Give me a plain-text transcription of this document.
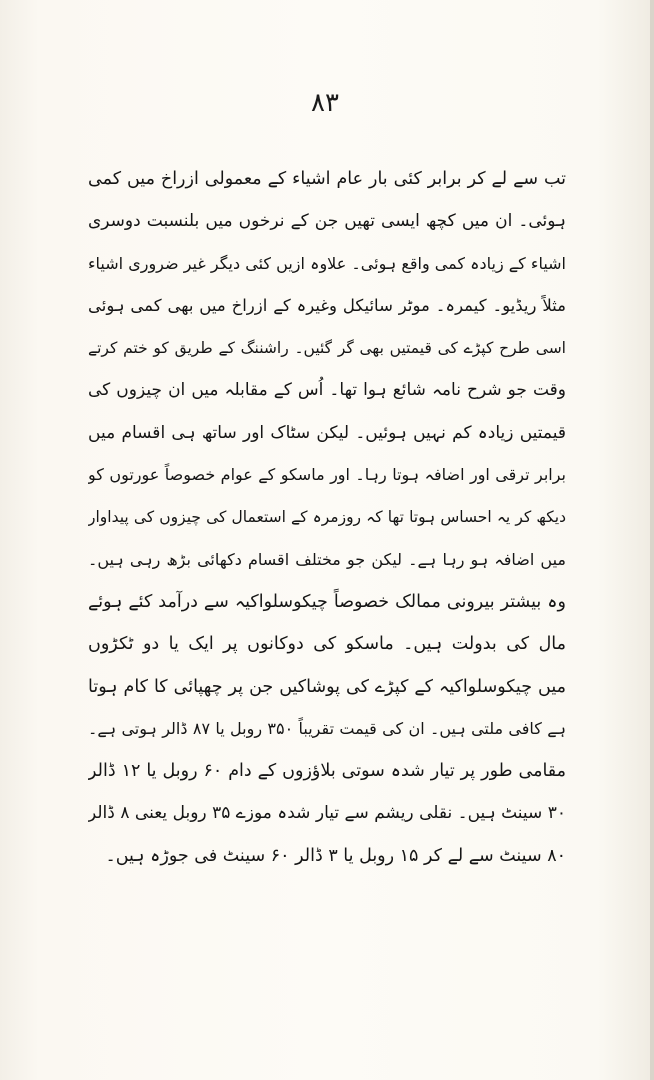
۸۳
تب سے لے کر برابر کئی بار عام اشیاء کے معمولی ازراخ میں کمی
ہوئی۔ ان میں کچھ ایسی تھیں جن کے نرخوں میں بلنسبت دوسری
اشیاء کے زیادہ کمی واقع ہوئی۔ علاوہ ازیں کئی دیگر غیر ضروری اشیاء
مثلاً ریڈیو۔ کیمرہ۔ موٹر سائیکل وغیرہ کے ازراخ میں بھی کمی ہوئی
اسی طرح کپڑے کی قیمتیں بھی گر گئیں۔ راشننگ کے طریق کو ختم کرتے
وقت جو شرح نامہ شائع ہوا تھا۔ اُس کے مقابلہ میں ان چیزوں کی
قیمتیں زیادہ کم نہیں ہوئیں۔ لیکن سٹاک اور ساتھ ہی اقسام میں
برابر ترقی اور اضافہ ہوتا رہا۔ اور ماسکو کے عوام خصوصاً عورتوں کو
دیکھ کر یہ احساس ہوتا تھا کہ روزمرہ کے استعمال کی چیزوں کی پیداوار
میں اضافہ ہو رہا ہے۔ لیکن جو مختلف اقسام دکھائی بڑھ رہی ہیں۔
وہ بیشتر بیرونی ممالک خصوصاً چیکوسلواکیہ سے درآمد کئے ہوئے
مال کی بدولت ہیں۔ ماسکو کی دوکانوں پر ایک یا دو ٹکڑوں
میں چیکوسلواکیہ کے کپڑے کی پوشاکیں جن پر چھپائی کا کام ہوتا
ہے کافی ملتی ہیں۔ ان کی قیمت تقریباً ۳۵۰ روبل یا ۸۷ ڈالر ہوتی ہے۔
مقامی طور پر تیار شدہ سوتی بلاؤزوں کے دام ۶۰ روبل یا ۱۲ ڈالر
۳۰ سینٹ ہیں۔ نقلی ریشم سے تیار شدہ موزے ۳۵ روبل یعنی ۸ ڈالر
۸۰ سینٹ سے لے کر ۱۵ روبل یا ۳ ڈالر ۶۰ سینٹ فی جوڑہ ہیں۔
